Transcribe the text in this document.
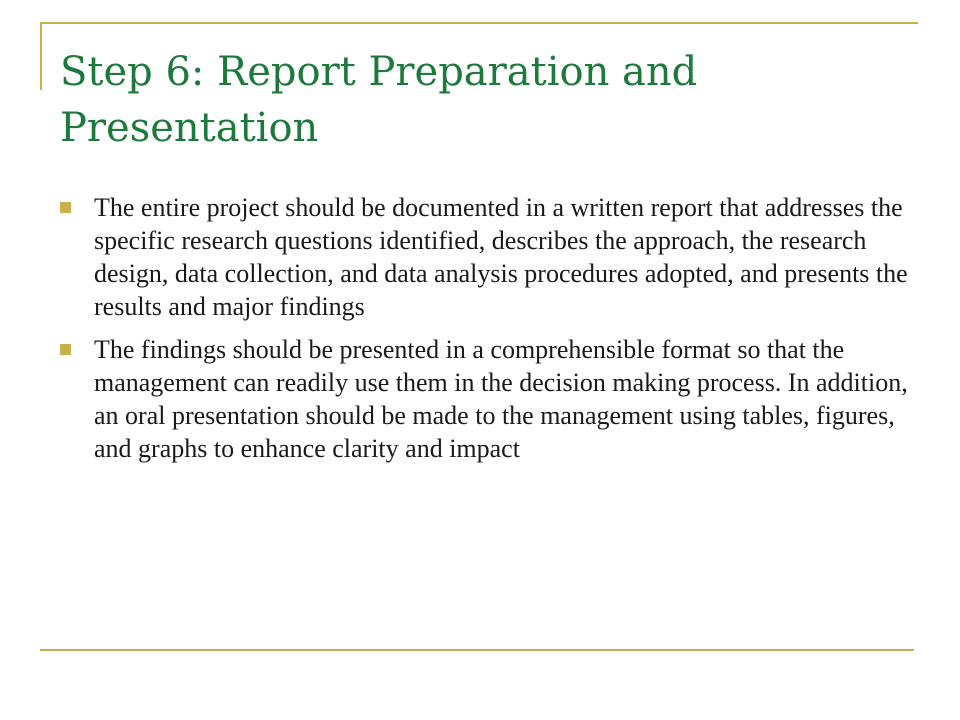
Step 6: Report Preparation and Presentation
The entire project should be documented in a written report that addresses the specific research questions identified, describes the approach, the research design, data collection, and data analysis procedures adopted, and presents the results and major findings
The findings should be presented in a comprehensible format so that the management can readily use them in the decision making process. In addition, an oral presentation should be made to the management using tables, figures, and graphs to enhance clarity and impact
